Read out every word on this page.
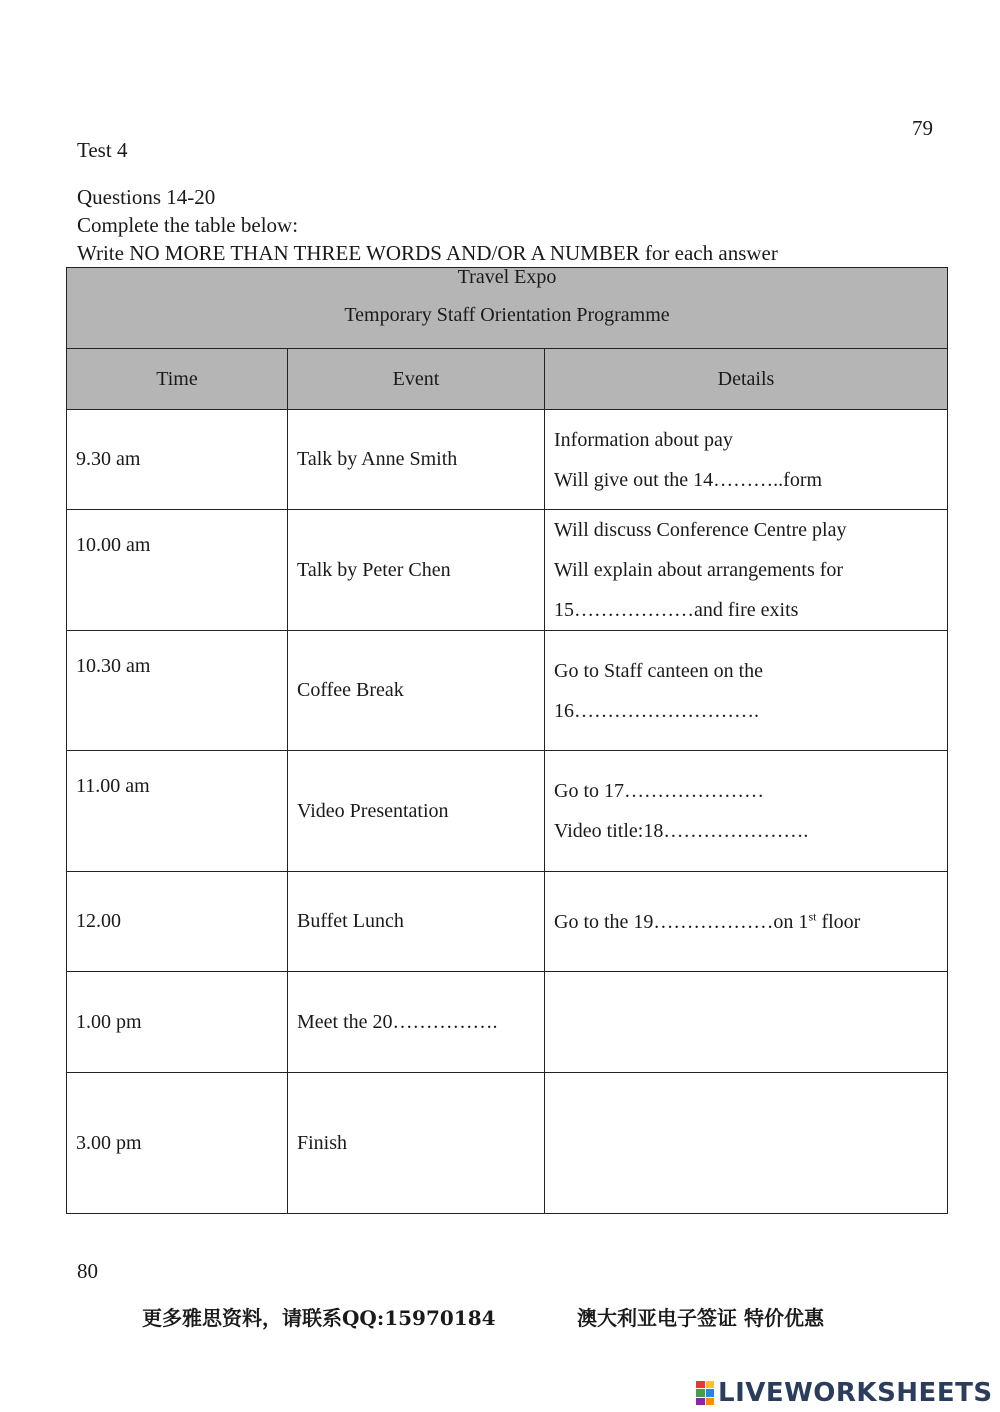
79
Test 4
Questions 14-20
Complete the table below:
Write NO MORE THAN THREE WORDS AND/OR A NUMBER for each answer
Travel Expo
Temporary Staff Orientation Programme		

Time	Event	Details
9.30 am	Talk by Anne Smith	Information about pay
Will give out the 14………..form

10.00 am	Talk by Peter Chen	Will discuss Conference Centre play
Will explain about arrangements for
15………………and fire exits

10.30 am	Coffee Break	Go to Staff canteen on the
16……………………….

11.00 am	Video Presentation	Go to 17…………………
Video title:18………………….

12.00	Buffet Lunch	Go to the 19………………on 1st floor
1.00 pm	Meet the 20…………….	
3.00 pm	Finish	
80
更多雅思资料，请联系QQ:15970184	澳大利亚电子签证 特价优惠
LIVEWORKSHEETS
